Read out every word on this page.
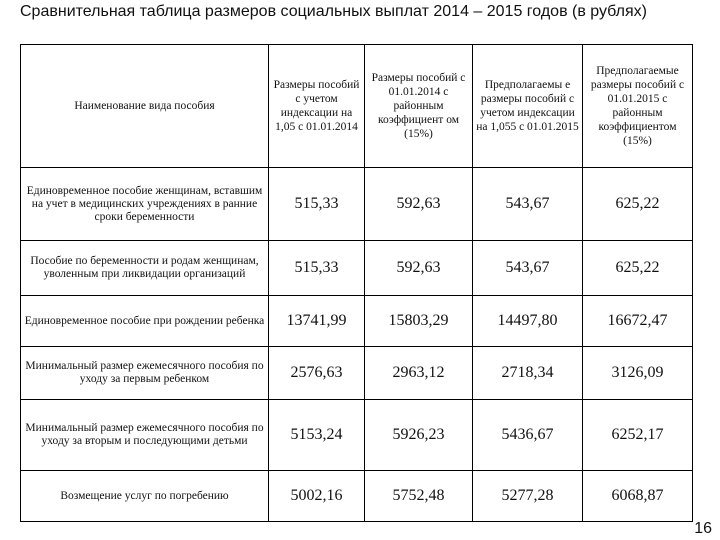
Сравнительная таблица размеров социальных выплат 2014 – 2015 годов (в рублях)
Наименование вида пособия	Размеры пособий с учетом индексации на 1,05 с 01.01.2014	Размеры пособий с 01.01.2014 с районным коэффициент ом (15%)	Предполагаемы е размеры пособий с учетом индексации на 1,055 с 01.01.2015	Предполагаемые размеры пособий с 01.01.2015 с районным коэффициентом (15%)
Единовременное пособие женщинам, вставшим на учет в медицинских учреждениях в ранние сроки беременности	515,33	592,63	543,67	625,22
Пособие по беременности и родам женщинам, уволенным при ликвидации организаций	515,33	592,63	543,67	625,22
Единовременное пособие при рождении ребенка	13741,99	15803,29	14497,80	16672,47
Минимальный размер ежемесячного пособия по уходу за первым ребенком	2576,63	2963,12	2718,34	3126,09
Минимальный размер ежемесячного пособия по уходу за вторым и последующими детьми	5153,24	5926,23	5436,67	6252,17
Возмещение услуг по погребению	5002,16	5752,48	5277,28	6068,87
16
